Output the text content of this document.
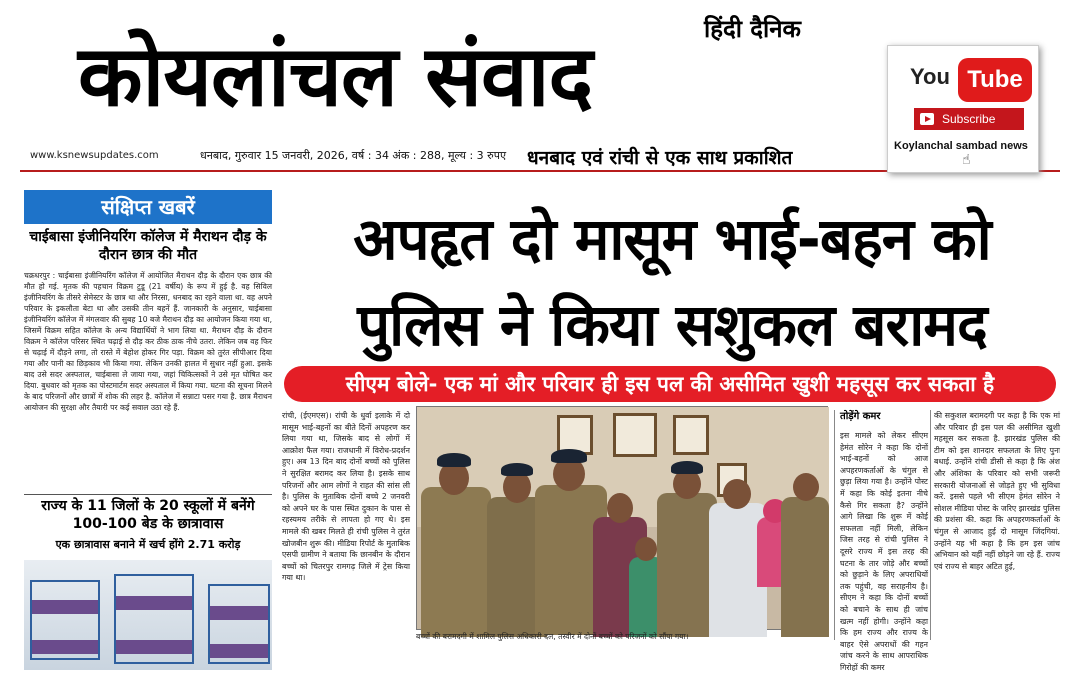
हिंदी दैनिक
कोयलांचल संवाद
www.ksnewsupdates.com	धनबाद, गुरुवार 15 जनवरी, 2026, वर्ष : 34 अंक : 288, मूल्य : 3 रुपए धनबाद एवं रांची से एक साथ प्रकाशित
You Tube
Subscribe
Koylanchal sambad news
☝
संक्षिप्त खबरें
चाईबासा इंजीनियरिंग कॉलेज में मैराथन दौड़ के दौरान छात्र की मौत
चक्रधरपुर : चाईबासा इंजीनियरिंग कॉलेज में आयोजित मैराथन दौड़ के दौरान एक छात्र की मौत हो गई. मृतक की पहचान विक्रम टुडू (21 वर्षीय) के रूप में हुई है. वह सिविल इंजीनियरिंग के तीसरे सेमेस्टर के छात्र था और निरसा, धनबाद का रहने वाला था. वह अपने परिवार के इकलौता बेटा था और उसकी तीन बहनें हैं. जानकारी के अनुसार, चाईबासा इंजीनियरिंग कॉलेज में मंगलवार की सुबह 10 बजे मैराथन दौड़ का आयोजन किया गया था, जिसमें विक्रम सहित कॉलेज के अन्य विद्यार्थियों ने भाग लिया था. मैराथन दौड़ के दौरान विक्रम ने कॉलेज परिसर स्थित चढ़ाई से दौड़ कर ठीक ठाक नीचे उतरा. लेकिन जब वह फिर से चढ़ाई में दौड़ने लगा, तो रास्ते में बेहोश होकर गिर पड़ा. विक्रम को तुरंत सीपीआर दिया गया और पानी का छिड़काव भी किया गया. लेकिन उनकी हालत में सुधार नहीं हुआ. इसके बाद उसे सदर अस्पताल, चाईबासा ले जाया गया, जहां चिकित्सकों ने उसे मृत घोषित कर दिया. बुधवार को मृतक का पोस्टमार्टम सदर अस्पताल में किया गया. घटना की सूचना मिलने के बाद परिजनों और छात्रों में शोक की लहर है. कॉलेज में सन्नाटा पसर गया है. छात्र मैराथन आयोजन की सुरक्षा और तैयारी पर कई सवाल उठा रहे हैं.
राज्य के 11 जिलों के 20 स्कूलों में बनेंगे 100-100 बेड के छात्रावास
एक छात्रावास बनाने में खर्च होंगे 2.71 करोड़
अपहृत दो मासूम भाई-बहन को पुलिस ने किया सशुकल बरामद
सीएम बोले- एक मां और परिवार ही इस पल की असीमित खुशी महसूस कर सकता है
रांची, (ईएमएस)। रांची के धुर्वा इलाके में दो मासूम भाई-बहनों का बीते दिनों अपहरण कर लिया गया था, जिसके बाद से लोगों में आक्रोश फैल गया। राजधानी में विरोध-प्रदर्शन हुए। अब 13 दिन बाद दोनों बच्चों को पुलिस ने सुरक्षित बरामद कर लिया है। इसके साथ परिजनों और आम लोगों ने राहत की सांस ली है। पुलिस के मुताबिक दोनों बच्चे 2 जनवरी को अपने घर के पास स्थित दुकान के पास से रहस्यमय तरीके से लापता हो गए थे। इस मामले की खबर मिलते ही रांची पुलिस ने तुरंत खोजबीन शुरू की। मीडिया रिपोर्ट के मुताबिक एसपी ग्रामीण ने बताया कि छानबीन के दौरान बच्चों को चितरपुर रामगढ़ जिले में ट्रेस किया गया था।
बच्चों की बरामदगी में शामिल पुलिस अधिकारी दल, तस्वीर में दोनों बच्चों को परिजनों को सौंपा गया।
तोड़ेंगे कमर
इस मामले को लेकर सीएम हेमंत सोरेन ने कहा कि दोनों भाई-बहनों को आज अपहरणकर्ताओं के चंगुल से छुड़ा लिया गया है। उन्होंने पोस्ट में कहा कि कोई इतना नीचे कैसे गिर सकता है? उन्होंने आगे लिखा कि शुरू में कोई सफलता नहीं मिली, लेकिन जिस तरह से रांची पुलिस ने दूसरे राज्य में इस तरह की घटना के तार जोड़े और बच्चों को छुड़ाने के लिए अपराधियों तक पहुंची, वह सराहनीय है। सीएम ने कहा कि दोनों बच्चों को बचाने के साथ ही जांच खत्म नहीं होगी। उन्होंने कहा कि हम राज्य और राज्य के बाहर ऐसे अपराधों की गहन जांच करने के साथ आपराधिक गिरोहों की कमर
की सकुशल बरामदगी पर कहा है कि एक मां और परिवार ही इस पल की असीमित खुशी महसूस कर सकता है. झारखंड पुलिस की टीम को इस शानदार सफलता के लिए पुनः बधाई. उन्होंने रांची डीसी से कहा है कि अंश और अंशिका के परिवार को सभी जरूरी सरकारी योजनाओं से जोड़ते हुए भी सुविधा करें. इससे पहले भी सीएम हेमंत सोरेन ने सोशल मीडिया पोस्ट के जरिए झारखंड पुलिस की प्रशंसा की. कहा कि अपहरणकर्ताओं के चंगुल से आजाद हुई दो मासूम जिंदगियां. उन्होंने यह भी कहा है कि हम इस जांच अभियान को यहीं नहीं छोड़ने जा रहे हैं. राज्य एवं राज्य से बाहर अटित हुई,
